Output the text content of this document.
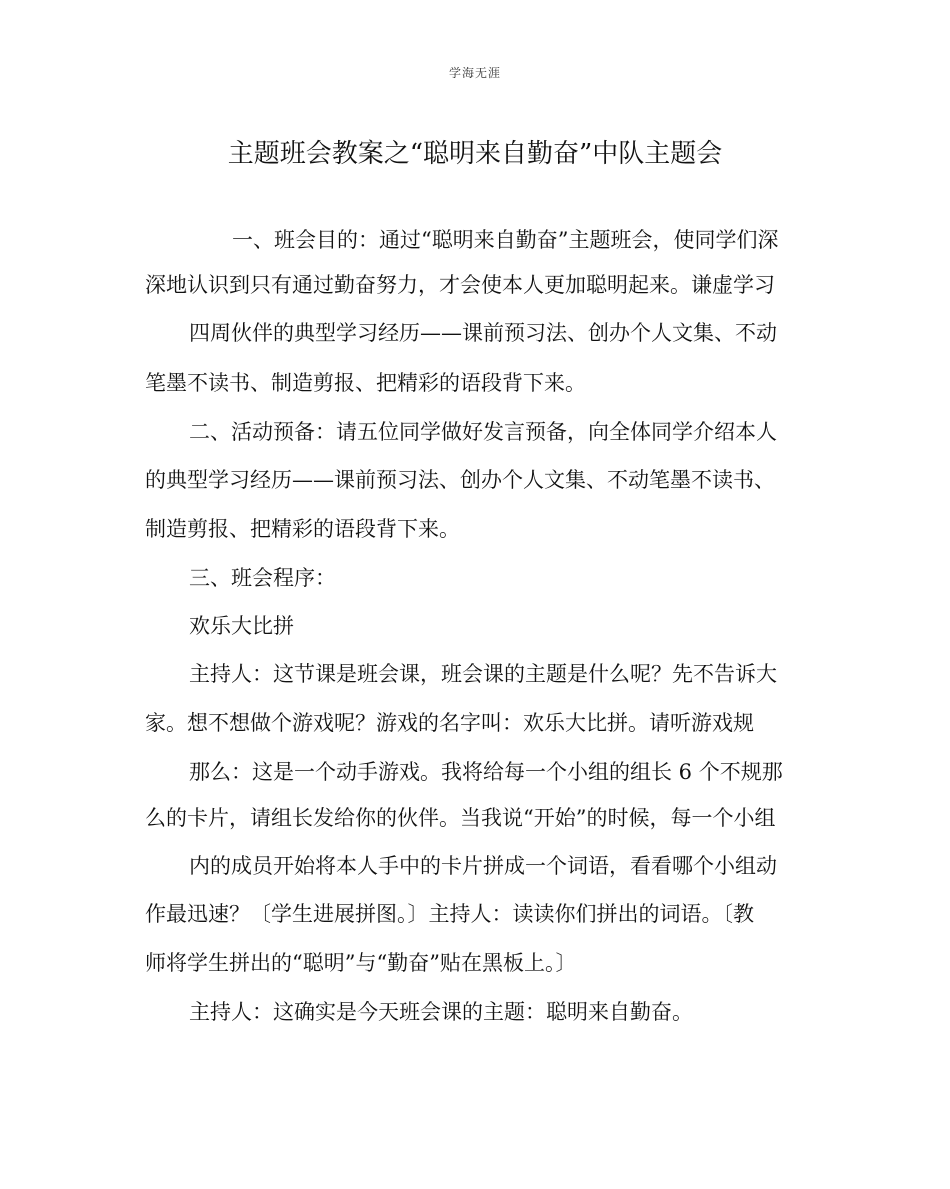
学海无涯
主题班会教案之“聪明来自勤奋”中队主题会
一、班会目的：通过“聪明来自勤奋”主题班会，使同学们深
深地认识到只有通过勤奋努力，才会使本人更加聪明起来。谦虚学习
四周伙伴的典型学习经历——课前预习法、创办个人文集、不动
笔墨不读书、制造剪报、把精彩的语段背下来。
二、活动预备：请五位同学做好发言预备，向全体同学介绍本人
的典型学习经历——课前预习法、创办个人文集、不动笔墨不读书、
制造剪报、把精彩的语段背下来。
三、班会程序：
欢乐大比拼
主持人：这节课是班会课，班会课的主题是什么呢？先不告诉大
家。想不想做个游戏呢？游戏的名字叫：欢乐大比拼。请听游戏规
那么：这是一个动手游戏。我将给每一个小组的组长 6 个不规那
么的卡片，请组长发给你的伙伴。当我说“开始”的时候，每一个小组
内的成员开始将本人手中的卡片拼成一个词语，看看哪个小组动
作最迅速？〔学生进展拼图。〕主持人：读读你们拼出的词语。〔教
师将学生拼出的“聪明”与“勤奋”贴在黑板上。〕
主持人：这确实是今天班会课的主题：聪明来自勤奋。
